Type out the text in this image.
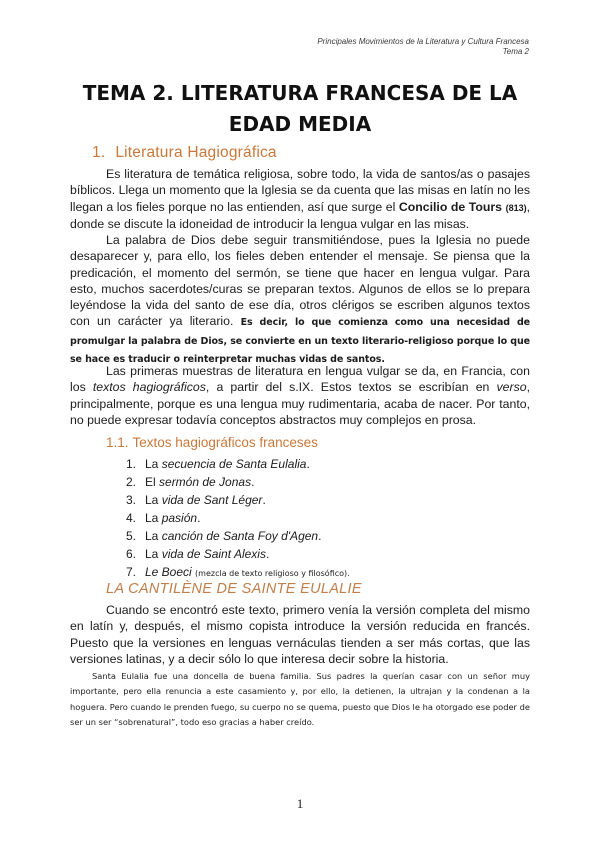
Principales Movimientos de la Literatura y Cultura Francesa
Tema 2
TEMA 2. LITERATURA FRANCESA DE LA EDAD MEDIA
1. Literatura Hagiográfica

Es literatura de temática religiosa, sobre todo, la vida de santos/as o pasajes bíblicos. Llega un momento que la Iglesia se da cuenta que las misas en latín no les llegan a los fieles porque no las entienden, así que surge el Concilio de Tours (813), donde se discute la idoneidad de introducir la lengua vulgar en las misas.

La palabra de Dios debe seguir transmitiéndose, pues la Iglesia no puede desaparecer y, para ello, los fieles deben entender el mensaje. Se piensa que la predicación, el momento del sermón, se tiene que hacer en lengua vulgar. Para esto, muchos sacerdotes/curas se preparan textos. Algunos de ellos se lo prepara leyéndose la vida del santo de ese día, otros clérigos se escriben algunos textos con un carácter ya literario. Es decir, lo que comienza como una necesidad de promulgar la palabra de Dios, se convierte en un texto literario-religioso porque lo que se hace es traducir o reinterpretar muchas vidas de santos.

Las primeras muestras de literatura en lengua vulgar se da, en Francia, con los textos hagiográficos, a partir del s.IX. Estos textos se escribían en verso, principalmente, porque es una lengua muy rudimentaria, acaba de nacer. Por tanto, no puede expresar todavía conceptos abstractos muy complejos en prosa.

1.1. Textos hagiográficos franceses
1. La secuencia de Santa Eulalia.
2. El sermón de Jonas.
3. La vida de Sant Léger.
4. La pasión.
5. La canción de Santa Foy d'Agen.
6. La vida de Saint Alexis.
7. Le Boeci (mezcla de texto religioso y filosófico).
LA CANTILÈNE DE SAINTE EULALIE

Cuando se encontró este texto, primero venía la versión completa del mismo en latín y, después, el mismo copista introduce la versión reducida en francés. Puesto que la versiones en lenguas vernáculas tienden a ser más cortas, que las versiones latinas, y a decir sólo lo que interesa decir sobre la historia.

Santa Eulalia fue una doncella de buena familia. Sus padres la querían casar con un señor muy importante, pero ella renuncia a este casamiento y, por ello, la detienen, la ultrajan y la condenan a la hoguera. Pero cuando le prenden fuego, su cuerpo no se quema, puesto que Dios le ha otorgado ese poder de ser un ser “sobrenatural”, todo eso gracias a haber creído.

1
